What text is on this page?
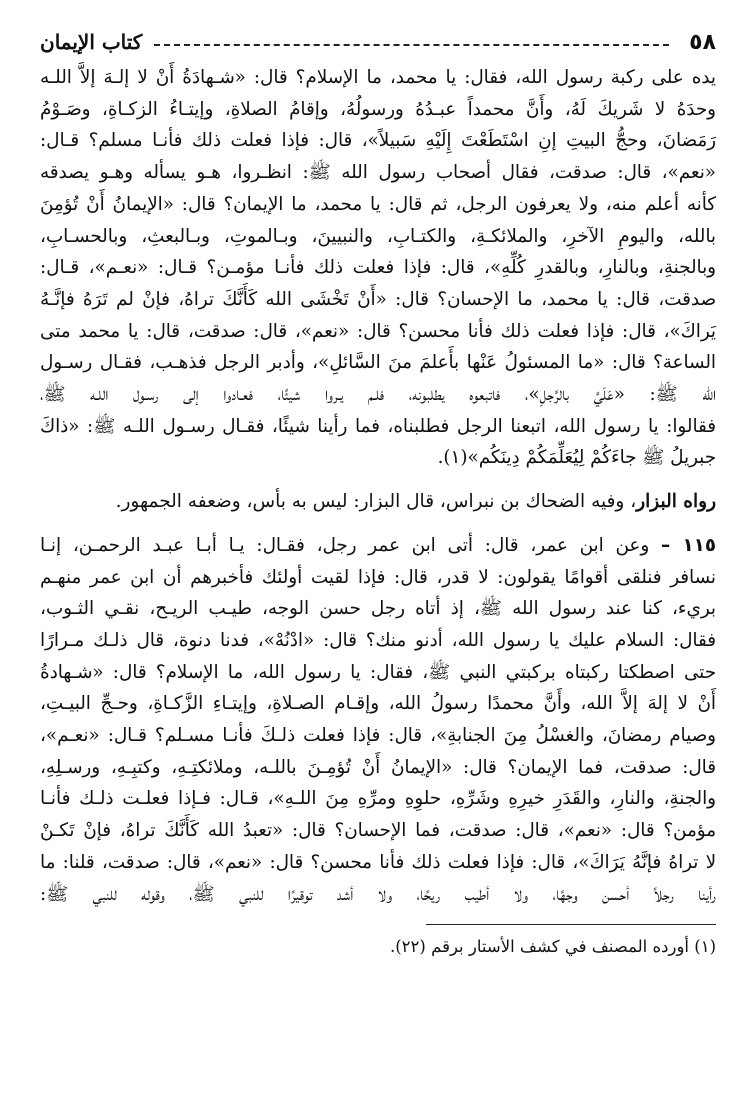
٥٨
كتاب الإيمان

يده على ركبة رسول الله، فقال: يا محمد، ما الإسلام؟ قال: «شـهادَةُ أَنْ لا إلـهَ إلاَّ اللـه

وحدَهُ لا شَريكَ لَهُ، وأَنَّ محمداً عبـدُهُ ورسولُهُ، وإقامُ الصلاةِ، وإيتـاءُ الزكـاةِ، وصَـوْمُ

رَمَضانَ، وحجُّ البيتِ إنِ اسْتَطَعْتَ إِلَيْهِ سَبيلاً»، قال: فإذا فعلت ذلك فأنـا مسلم؟ قـال:

«نعم»، قال: صدقت، فقال أصحاب رسول الله ﷺ: انظـروا، هـو يسأله وهـو يصدقه

كأنه أعلم منه، ولا يعرفون الرجل، ثم قال: يا محمد، ما الإيمان؟ قال: «الإيمانُ أَنْ تُؤمِنَ

بالله، واليومِ الآخرِ، والملائكـةِ، والكتـابِ، والنبيينَ، وبـالموتِ، وبـالبعثِ، وبالحسـابِ،

وبالجنةِ، وبالنارِ، وبالقدرِ كُلِّهِ»، قال: فإذا فعلت ذلك فأنـا مؤمـن؟ قـال: «نعـم»، قـال:

صدقت، قال: يا محمد، ما الإحسان؟ قال: «أَنْ تَخْشَى الله كَأَنَّكَ تراهُ، فإنْ لم تَرَهُ فإنَّـهُ

يَراكَ»، قال: فإذا فعلت ذلك فأنا محسن؟ قال: «نعم»، قال: صدقت، قال: يا محمد متى

الساعة؟ قال: «ما المسئولُ عَنْها بأَعلمَ منَ السَّائلِ»، وأدبر الرجل فذهـب، فقـال رسـول

الله ﷺ: «عَلَيَّ بالرَّجلِ»، فاتبعوه يطلبونه، فلـم يـروا شيئًا، فعـادوا إلى رسـول اللـه ﷺ،

فقالوا: يا رسول الله، اتبعنا الرجل فطلبناه، فما رأينا شيئًا، فقـال رسـول اللـه ﷺ: «ذاكَ

جبريلُ ﷺ جاءَكُمْ لِيُعَلِّمَكُمْ دِينَكُم»(١).

رواه البزار، وفيه الضحاك بن نبراس، قال البزار: ليس به بأس، وضعفه الجمهور.

١١٥ – وعن ابن عمر، قال: أتى ابن عمر رجل، فقـال: يـا أبـا عبـد الرحمـن، إنـا

نسافر فنلقى أقوامًا يقولون: لا قدر، قال: فإذا لقيت أولئك فأخبرهم أن ابن عمر منهـم

بريء، كنا عند رسول الله ﷺ، إذ أتاه رجل حسن الوجه، طيـب الريـح، نقـي الثـوب،

فقال: السلام عليك يا رسول الله، أدنو منك؟ قال: «ادْنُهْ»، فدنا دنوة، قال ذلـك مـرارًا

حتى اصطكتا ركبتاه بركبتي النبي ﷺ، فقال: يا رسول الله، ما الإسلام؟ قال: «شـهادةُ

أَنْ لا إلهَ إلاَّ الله، وأَنَّ محمدًا رسولُ الله، وإقـام الصـلاةِ، وإيتـاءِ الزَّكـاةِ، وحـجِّ البيـتِ،

وصيام رمضانَ، والغسْلُ مِنَ الجنابةِ»، قال: فإذا فعلت ذلـكَ فأنـا مسـلم؟ قـال: «نعـم»،

قال: صدقت، فما الإيمان؟ قال: «الإيمانُ أَنْ تُؤمِـنَ باللـه، وملائكتِـهِ، وكتبِـهِ، ورسـلِهِ،

والجنةِ، والنارِ، والقَدَرِ خيرِهِ وشَرِّهِ، حلوِهِ ومرِّهِ مِنَ اللـهِ»، قـال: فـإذا فعلـت ذلـك فأنـا

مؤمن؟ قال: «نعم»، قال: صدقت، فما الإحسان؟ قال: «تعبدُ الله كَأَنَّكَ تراهُ، فإنْ تَكـنْ

لا تراهُ فإنَّهُ يَرَاكَ»، قال: فإذا فعلت ذلك فأنا محسن؟ قال: «نعم»، قال: صدقت، قلنا: ما

رأينا رجلاً أحسن وجهًا، ولا أطيب ريحًا، ولا أشد توقيرًا للنبي ﷺ، وقوله للنبي ﷺ:

(١) أورده المصنف في كشف الأستار برقم (٢٢).
